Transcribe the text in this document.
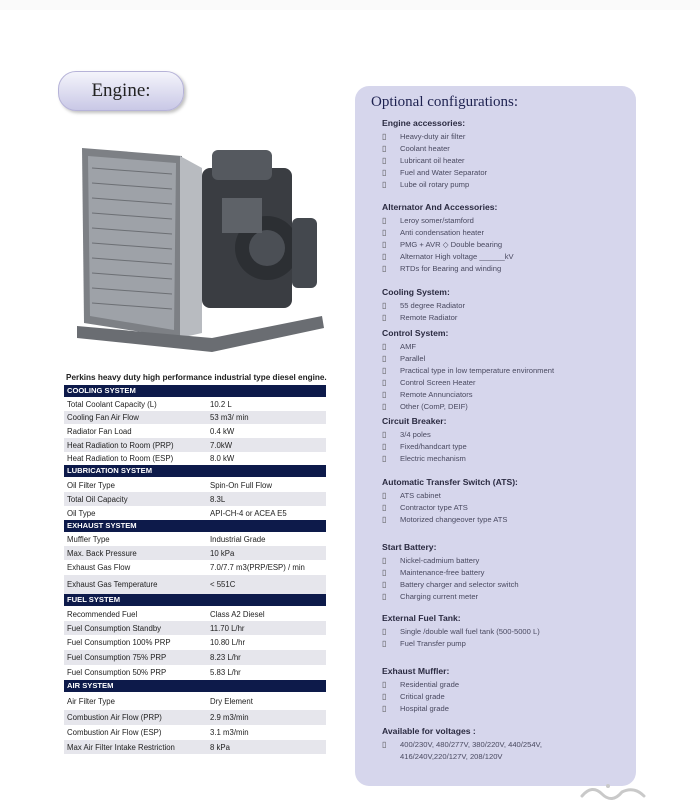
Engine:
Perkins heavy duty high performance industrial type diesel engine.
COOLING SYSTEM
Total Coolant Capacity (L)	10.2 L
Cooling Fan Air Flow	53 m3/ min
Radiator Fan Load	0.4 kW
Heat Radiation to Room (PRP)	7.0kW
Heat Radiation to Room (ESP)	8.0 kW
LUBRICATION SYSTEM
Oil Filter Type	Spin-On Full Flow
Total Oil Capacity	8.3L
Oil Type	API-CH-4 or ACEA E5
EXHAUST SYSTEM
Muffler Type	Industrial Grade
Max. Back Pressure	10 kPa
Exhaust Gas Flow	7.0/7.7 m3(PRP/ESP) / min
Exhaust Gas Temperature	< 551C
FUEL SYSTEM
Recommended Fuel	Class A2 Diesel
Fuel Consumption Standby	11.70 L/hr
Fuel Consumption 100% PRP	10.80 L/hr
Fuel Consumption 75% PRP	8.23 L/hr
Fuel Consumption 50% PRP	5.83 L/hr
AIR SYSTEM
Air Filter Type	Dry Element
Combustion Air Flow (PRP)	2.9 m3/min
Combustion Air Flow (ESP)	3.1 m3/min
Max Air Filter Intake Restriction	8 kPa
Optional configurations:
Engine accessories:
▯	Heavy-duty air filter
▯	Coolant heater
▯	Lubricant oil heater
▯	Fuel and Water Separator
▯	Lube oil rotary pump
Alternator And Accessories:
▯	Leroy somer/stamford
▯	Anti condensation heater
▯	PMG + AVR ◇ Double bearing
▯	Alternator High voltage ______kV
▯	RTDs for Bearing and winding
Cooling System:
▯	55 degree Radiator
▯	Remote Radiator
Control System:
▯	AMF
▯	Parallel
▯	Practical type in low temperature environment
▯	Control Screen Heater
▯	Remote Annunciators
▯	Other (ComP, DEIF)
Circuit Breaker:
▯	3/4 poles
▯	Fixed/handcart type
▯	Electric mechanism
Automatic Transfer Switch (ATS):
▯	ATS cabinet
▯	Contractor type ATS
▯	Motorized changeover type ATS
Start Battery:
▯	Nickel-cadmium battery
▯	Maintenance-free battery
▯	Battery charger and selector switch
▯	Charging current meter
External Fuel Tank:
▯	Single /double wall fuel tank (500-5000 L)
▯	Fuel Transfer pump
Exhaust Muffler:
▯	Residential grade
▯	Critical grade
▯	Hospital grade
Available for voltages :
▯	400/230V, 480/277V, 380/220V, 440/254V, 416/240V,220/127V, 208/120V
